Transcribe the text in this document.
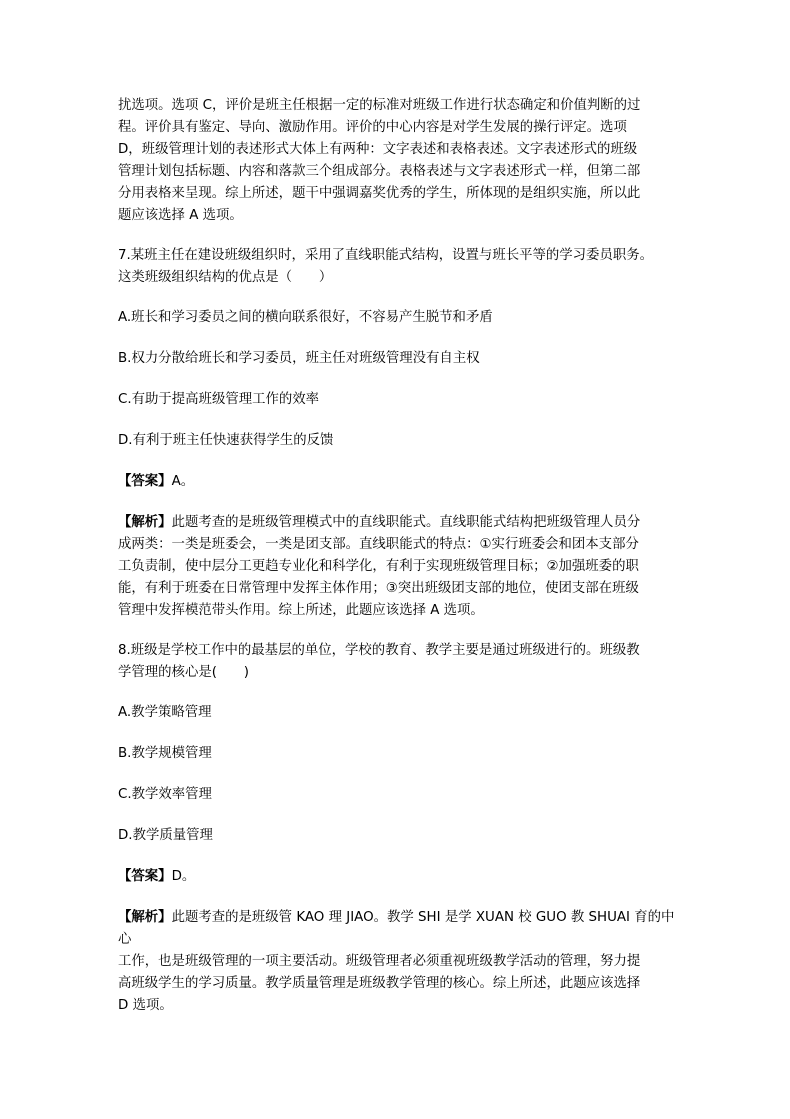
扰选项。选项 C，评价是班主任根据一定的标准对班级工作进行状态确定和价值判断的过
程。评价具有鉴定、导向、激励作用。评价的中心内容是对学生发展的操行评定。选项
D，班级管理计划的表述形式大体上有两种：文字表述和表格表述。文字表述形式的班级
管理计划包括标题、内容和落款三个组成部分。表格表述与文字表述形式一样，但第二部
分用表格来呈现。综上所述，题干中强调嘉奖优秀的学生，所体现的是组织实施，所以此
题应该选择 A 选项。

7.某班主任在建设班级组织时，采用了直线职能式结构，设置与班长平等的学习委员职务。
这类班级组织结构的优点是（　　）

A.班长和学习委员之间的横向联系很好，不容易产生脱节和矛盾

B.权力分散给班长和学习委员，班主任对班级管理没有自主权

C.有助于提高班级管理工作的效率

D.有利于班主任快速获得学生的反馈

【答案】A。

【解析】此题考查的是班级管理模式中的直线职能式。直线职能式结构把班级管理人员分
成两类：一类是班委会，一类是团支部。直线职能式的特点：①实行班委会和团本支部分
工负责制，使中层分工更趋专业化和科学化，有利于实现班级管理目标；②加强班委的职
能，有利于班委在日常管理中发挥主体作用；③突出班级团支部的地位，使团支部在班级
管理中发挥模范带头作用。综上所述，此题应该选择 A 选项。

8.班级是学校工作中的最基层的单位，学校的教育、教学主要是通过班级进行的。班级教
学管理的核心是(　　)

A.教学策略管理

B.教学规模管理

C.教学效率管理

D.教学质量管理

【答案】D。

【解析】此题考查的是班级管 KAO 理 JIAO。教学 SHI 是学 XUAN 校 GUO 教 SHUAI 育的中心
工作，也是班级管理的一项主要活动。班级管理者必须重视班级教学活动的管理，努力提
高班级学生的学习质量。教学质量管理是班级教学管理的核心。综上所述，此题应该选择
D 选项。
